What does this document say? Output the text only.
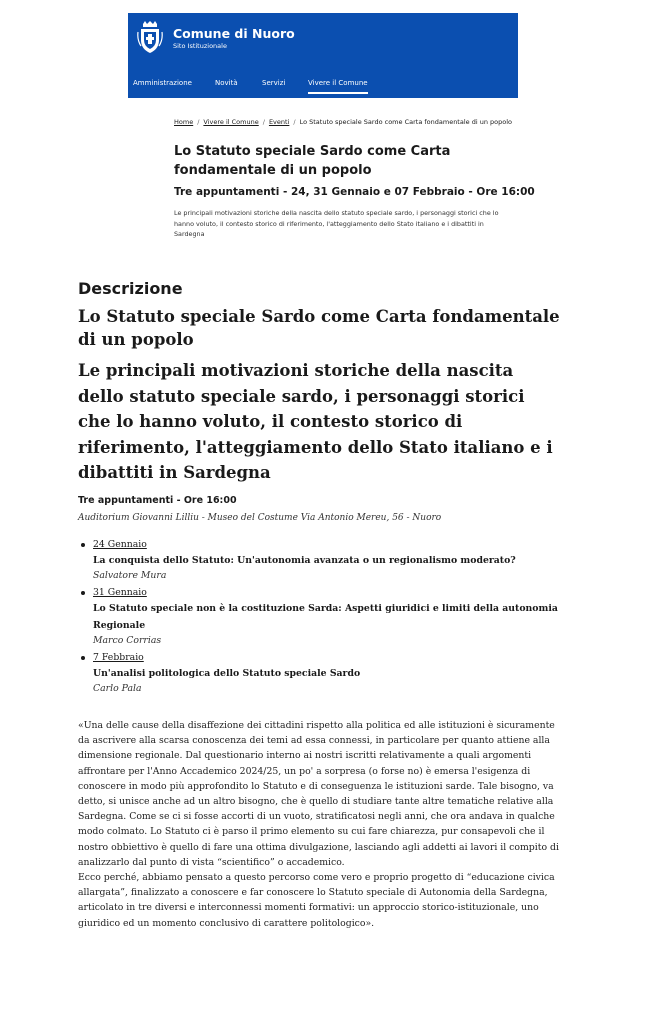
Comune di Nuoro
Sito Istituzionale
Amministrazione	Novità	Servizi	Vivere il Comune
Home / Vivere il Comune / Eventi / Lo Statuto speciale Sardo come Carta fondamentale di un popolo
Lo Statuto speciale Sardo come Carta fondamentale di un popolo
Tre appuntamenti - 24, 31 Gennaio e 07 Febbraio - Ore 16:00
Le principali motivazioni storiche della nascita dello statuto speciale sardo, i personaggi storici che lo hanno voluto, il contesto storico di riferimento, l'atteggiamento dello Stato italiano e i dibattiti in Sardegna
Descrizione
Lo Statuto speciale Sardo come Carta fondamentale di un popolo
Le principali motivazioni storiche della nascita dello statuto speciale sardo, i personaggi storici che lo hanno voluto, il contesto storico di riferimento, l'atteggiamento dello Stato italiano e i dibattiti in Sardegna
Tre appuntamenti - Ore 16:00
Auditorium Giovanni Lilliu - Museo del Costume Via Antonio Mereu, 56 - Nuoro
24 Gennaio
La conquista dello Statuto: Un'autonomia avanzata o un regionalismo moderato?
Salvatore Mura
31 Gennaio
Lo Statuto speciale non è la costituzione Sarda: Aspetti giuridici e limiti della autonomia Regionale
Marco Corrias
7 Febbraio
Un'analisi politologica dello Statuto speciale Sardo
Carlo Pala

«Una delle cause della disaffezione dei cittadini rispetto alla politica ed alle istituzioni è sicuramente da ascrivere alla scarsa conoscenza dei temi ad essa connessi, in particolare per quanto attiene alla dimensione regionale. Dal questionario interno ai nostri iscritti relativamente a quali argomenti affrontare per l'Anno Accademico 2024/25, un po' a sorpresa (o forse no) è emersa l'esigenza di conoscere in modo più approfondito lo Statuto e di conseguenza le istituzioni sarde. Tale bisogno, va detto, si unisce anche ad un altro bisogno, che è quello di studiare tante altre tematiche relative alla Sardegna. Come se ci si fosse accorti di un vuoto, stratificatosi negli anni, che ora andava in qualche modo colmato. Lo Statuto ci è parso il primo elemento su cui fare chiarezza, pur consapevoli che il nostro obbiettivo è quello di fare una ottima divulgazione, lasciando agli addetti ai lavori il compito di analizzarlo dal punto di vista “scientifico” o accademico.

Ecco perché, abbiamo pensato a questo percorso come vero e proprio progetto di “educazione civica allargata”, finalizzato a conoscere e far conoscere lo Statuto speciale di Autonomia della Sardegna, articolato in tre diversi e interconnessi momenti formativi: un approccio storico-istituzionale, uno giuridico ed un momento conclusivo di carattere politologico».
